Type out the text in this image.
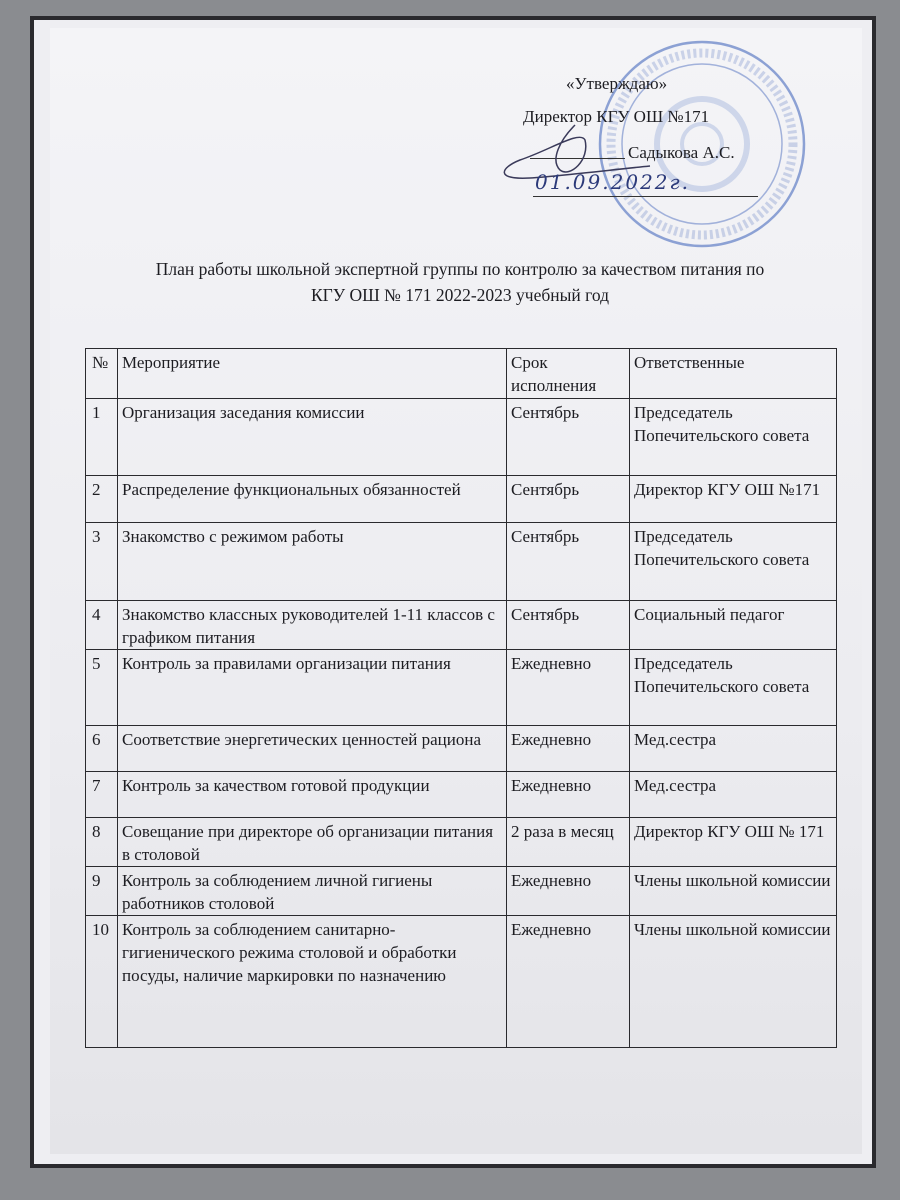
«Утверждаю»
Директор КГУ ОШ №171
Садыкова А.С.
01.09.2022г.
План работы школьной экспертной группы по контролю за качеством питания по
КГУ ОШ № 171 2022-2023 учебный год
№	Мероприятие	Срок исполнения	Ответственные
1	Организация заседания комиссии	Сентябрь	Председатель Попечительского совета
2	Распределение функциональных обязанностей	Сентябрь	Директор КГУ ОШ №171
3	Знакомство с режимом работы	Сентябрь	Председатель Попечительского совета
4	Знакомство классных руководителей 1-11 классов с графиком питания	Сентябрь	Социальный педагог
5	Контроль за правилами организации питания	Ежедневно	Председатель Попечительского совета
6	Соответствие энергетических ценностей рациона	Ежедневно	Мед.сестра
7	Контроль за качеством готовой продукции	Ежедневно	Мед.сестра
8	Совещание при директоре об организации питания в столовой	2 раза в месяц	Директор КГУ ОШ № 171
9	Контроль за соблюдением личной гигиены работников столовой	Ежедневно	Члены школьной комиссии
10	Контроль за соблюдением санитарно-гигиенического режима столовой и обработки посуды, наличие маркировки по назначению	Ежедневно	Члены школьной комиссии
